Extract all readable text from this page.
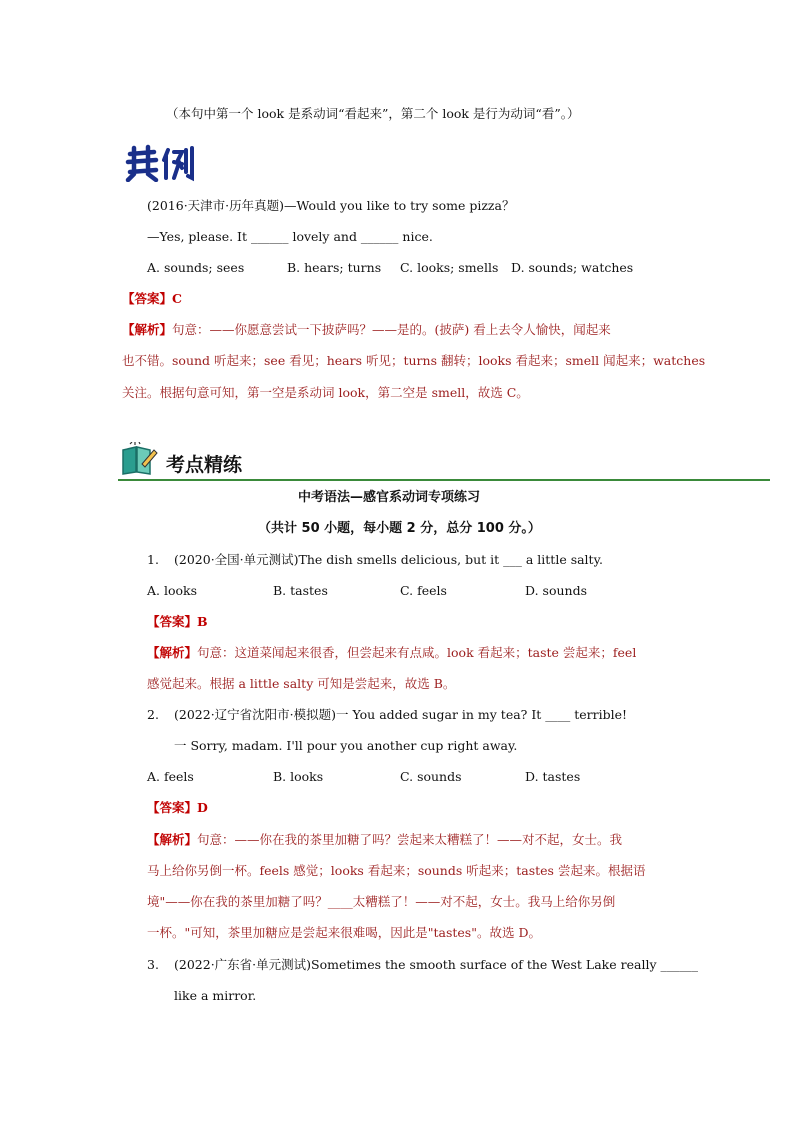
（本句中第一个 look 是系动词“看起来”，第二个 look 是行为动词“看”。）
(2016·天津市·历年真题)—Would you like to try some pizza？
—Yes, please. It ______ lovely and ______ nice.
A. sounds; sees	B. hears; turns C. looks; smells D. sounds; watches
【答案】C
【解析】句意：——你愿意尝试一下披萨吗？——是的。(披萨) 看上去令人愉快，闻起来
也不错。sound 听起来；see 看见；hears 听见；turns 翻转；looks 看起来；smell 闻起来；watches
关注。根据句意可知，第一空是系动词 look，第二空是 smell，故选 C。
考点精练
中考语法—感官系动词专项练习
（共计 50 小题，每小题 2 分，总分 100 分。）
1. (2020·全国·单元测试)The dish smells delicious, but it ___ a little salty.
A. looks	B. tastes	C. feels	D. sounds
【答案】B
【解析】句意：这道菜闻起来很香，但尝起来有点咸。look 看起来；taste 尝起来；feel
感觉起来。根据 a little salty 可知是尝起来，故选 B。
2. (2022·辽宁省沈阳市·模拟题)一 You added sugar in my tea? It ____ terrible!
一 Sorry, madam. I'll pour you another cup right away.
A. feels	B. looks	C. sounds	D. tastes
【答案】D
【解析】句意：——你在我的茶里加糖了吗？尝起来太糟糕了！——对不起，女士。我
马上给你另倒一杯。feels 感觉；looks 看起来；sounds 听起来；tastes 尝起来。根据语
境"——你在我的茶里加糖了吗？____太糟糕了！——对不起，女士。我马上给你另倒
一杯。"可知，茶里加糖应是尝起来很难喝，因此是"tastes"。故选 D。
3. (2022·广东省·单元测试)Sometimes the smooth surface of the West Lake really ______
like a mirror.
